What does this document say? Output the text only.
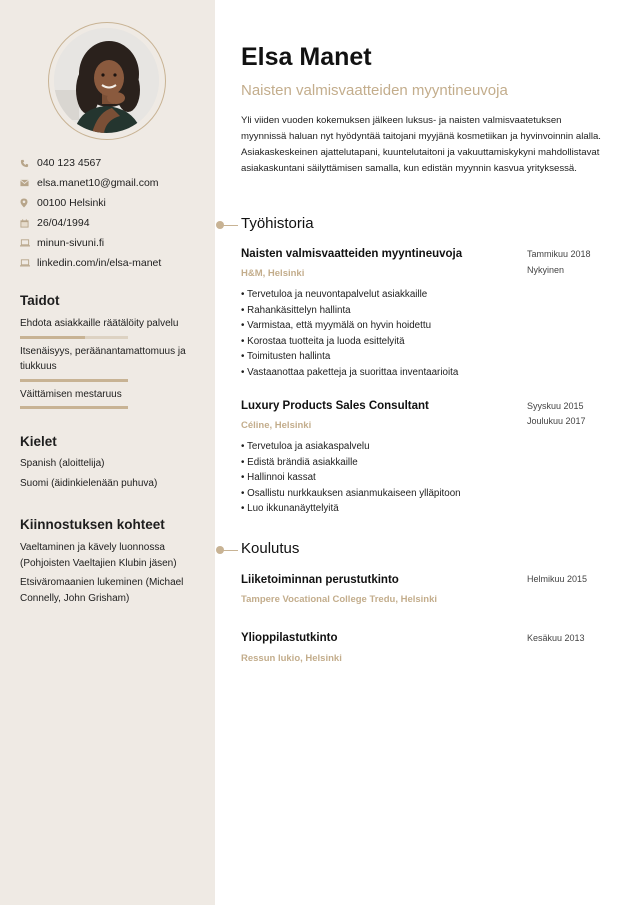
040 123 4567
elsa.manet10@gmail.com
00100 Helsinki
26/04/1994
minun-sivuni.fi
linkedin.com/in/elsa-manet
Taidot
Ehdota asiakkaille räätälöity palvelu
Itsenäisyys, peräänantamattomuus ja tiukkuus
Väittämisen mestaruus
Kielet
Spanish (aloittelija)
Suomi (äidinkielenään puhuva)
Kiinnostuksen kohteet
Vaeltaminen ja kävely luonnossa (Pohjoisten Vaeltajien Klubin jäsen)
Etsiväromaanien lukeminen (Michael Connelly, John Grisham)
Elsa Manet
Naisten valmisvaatteiden myyntineuvoja
Yli viiden vuoden kokemuksen jälkeen luksus- ja naisten valmisvaatetuksen myynnissä haluan nyt hyödyntää taitojani myyjänä kosmetiikan ja hyvinvoinnin alalla. Asiakaskeskeinen ajattelutapani, kuuntelutaitoni ja vakuuttamiskykyni mahdollistavat asiakaskuntani säilyttämisen samalla, kun edistän myynnin kasvua yrityksessä.
Työhistoria
Naisten valmisvaatteiden myyntineuvoja	Tammikuu 2018
Nykyinen
H&M, Helsinki
• Tervetuloa ja neuvontapalvelut asiakkaille
• Rahankäsittelyn hallinta
• Varmistaa, että myymälä on hyvin hoidettu
• Korostaa tuotteita ja luoda esittelyitä
• Toimitusten hallinta
• Vastaanottaa paketteja ja suorittaa inventaarioita
Luxury Products Sales Consultant	Syyskuu 2015
Joulukuu 2017
Céline, Helsinki
• Tervetuloa ja asiakaspalvelu
• Edistä brändiä asiakkaille
• Hallinnoi kassat
• Osallistu nurkkauksen asianmukaiseen ylläpitoon
• Luo ikkunanäyttelyitä
Koulutus
Liiketoiminnan perustutkinto	Helmikuu 2015
Tampere Vocational College Tredu, Helsinki
Ylioppilastutkinto	Kesäkuu 2013
Ressun lukio, Helsinki
